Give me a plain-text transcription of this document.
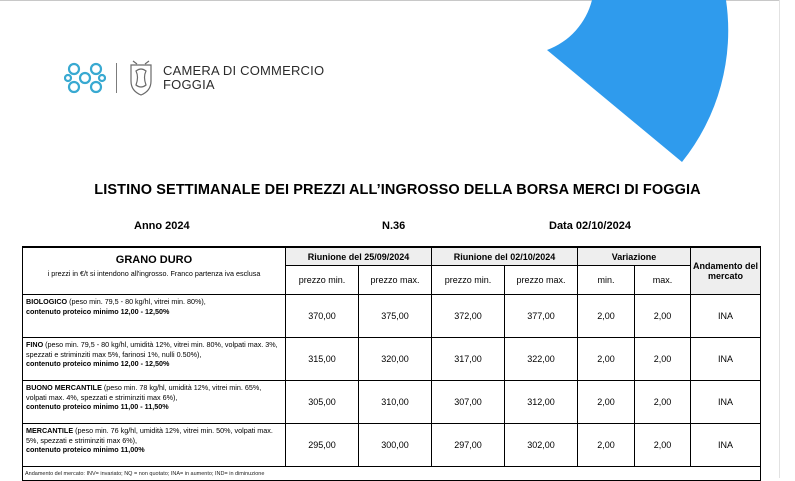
CAMERA DI COMMERCIO
FOGGIA
LISTINO SETTIMANALE DEI PREZZI ALL’INGROSSO DELLA BORSA MERCI DI FOGGIA
Anno 2024	N.36	Data 02/10/2024
GRANO DURO
i prezzi in €/t si intendono all'ingrosso. Franco partenza iva esclusa	Riunione del 25/09/2024		Riunione del 02/10/2024		Variazione		Andamento del mercato
	prezzo min.	prezzo max.	prezzo min.	prezzo max.	min.	max.	
BIOLOGICO (peso min. 79,5 - 80 kg/hl, vitrei min. 80%),
contenuto proteico minimo 12,00 - 12,50%	370,00	375,00	372,00	377,00	2,00	2,00	INA
FINO (peso min. 79,5 - 80 kg/hl, umidità 12%, vitrei min. 80%, volpati max. 3%, spezzati e striminziti max 5%, farinosi 1%, nulli 0.50%),
contenuto proteico minimo 12,00 - 12,50%	315,00	320,00	317,00	322,00	2,00	2,00	INA
BUONO MERCANTILE (peso min. 78 kg/hl, umidità 12%, vitrei min. 65%, volpati max. 4%, spezzati e striminziti max 6%),
contenuto proteico minimo 11,00 - 11,50%	305,00	310,00	307,00	312,00	2,00	2,00	INA
MERCANTILE (peso min. 76 kg/hl, umidità 12%, vitrei min. 50%, volpati max. 5%, spezzati e striminziti max 6%),
contenuto proteico minimo 11,00%	295,00	300,00	297,00	302,00	2,00	2,00	INA

Andamento del mercato: INV= invariato; NQ = non quotato; INA= in aumento; IND= in diminuzione
